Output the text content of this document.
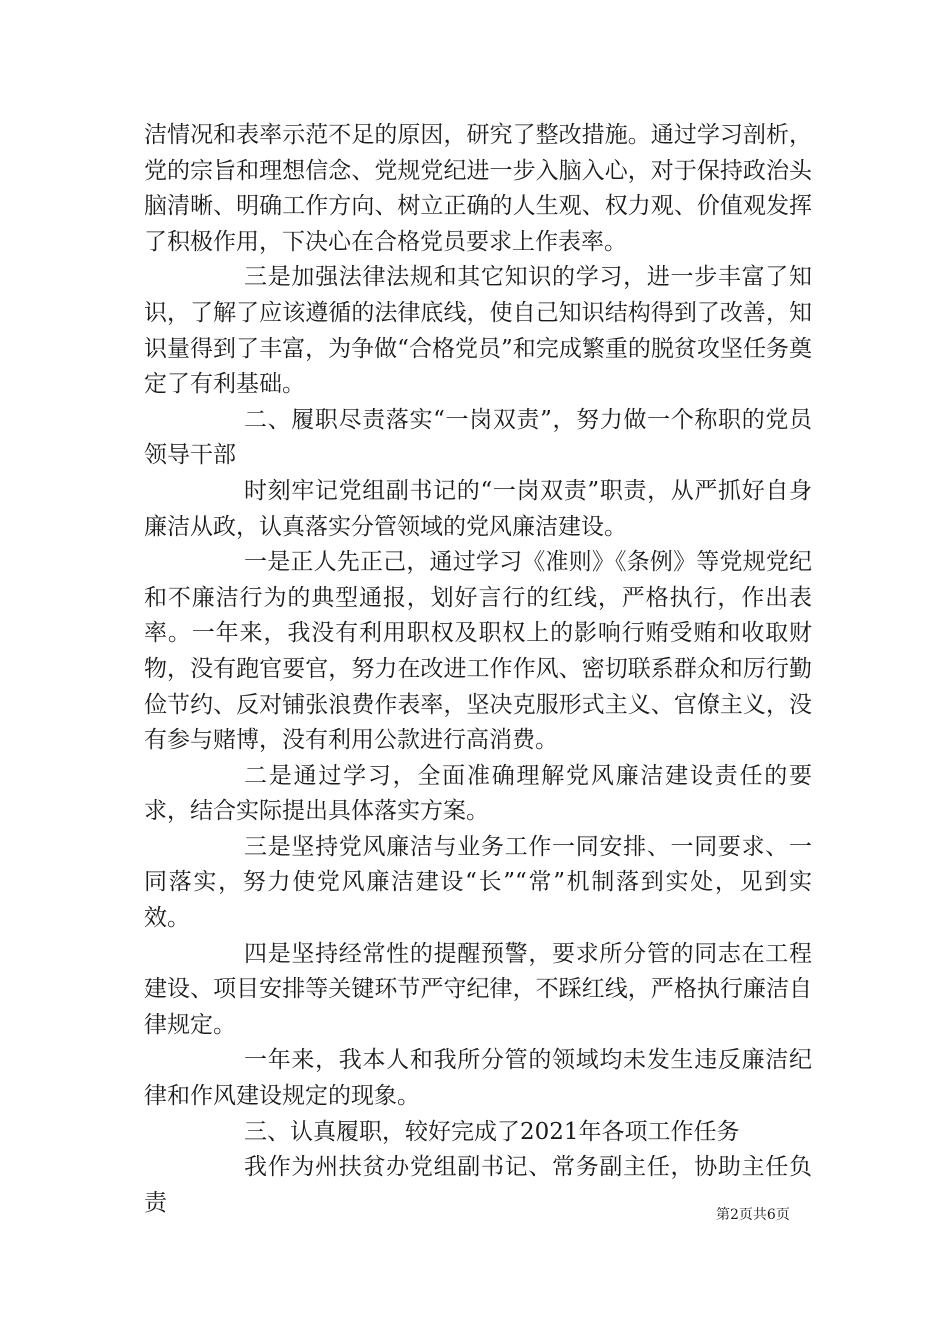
洁情况和表率示范不足的原因，研究了整改措施。通过学习剖析，党的宗旨和理想信念、党规党纪进一步入脑入心，对于保持政治头脑清晰、明确工作方向、树立正确的人生观、权力观、价值观发挥了积极作用，下决心在合格党员要求上作表率。

三是加强法律法规和其它知识的学习，进一步丰富了知识，了解了应该遵循的法律底线，使自己知识结构得到了改善，知识量得到了丰富，为争做“合格党员”和完成繁重的脱贫攻坚任务奠定了有利基础。

二、履职尽责落实“一岗双责”，努力做一个称职的党员领导干部

时刻牢记党组副书记的“一岗双责”职责，从严抓好自身廉洁从政，认真落实分管领域的党风廉洁建设。

一是正人先正己，通过学习《准则》《条例》等党规党纪和不廉洁行为的典型通报，划好言行的红线，严格执行，作出表率。一年来，我没有利用职权及职权上的影响行贿受贿和收取财物，没有跑官要官，努力在改进工作作风、密切联系群众和厉行勤俭节约、反对铺张浪费作表率，坚决克服形式主义、官僚主义，没有参与赌博，没有利用公款进行高消费。

二是通过学习，全面准确理解党风廉洁建设责任的要求，结合实际提出具体落实方案。

三是坚持党风廉洁与业务工作一同安排、一同要求、一同落实，努力使党风廉洁建设“长”“常”机制落到实处，见到实效。

四是坚持经常性的提醒预警，要求所分管的同志在工程建设、项目安排等关键环节严守纪律，不踩红线，严格执行廉洁自律规定。

一年来，我本人和我所分管的领域均未发生违反廉洁纪律和作风建设规定的现象。

三、认真履职，较好完成了2021年各项工作任务

我作为州扶贫办党组副书记、常务副主任，协助主任负责	第2页共6页
